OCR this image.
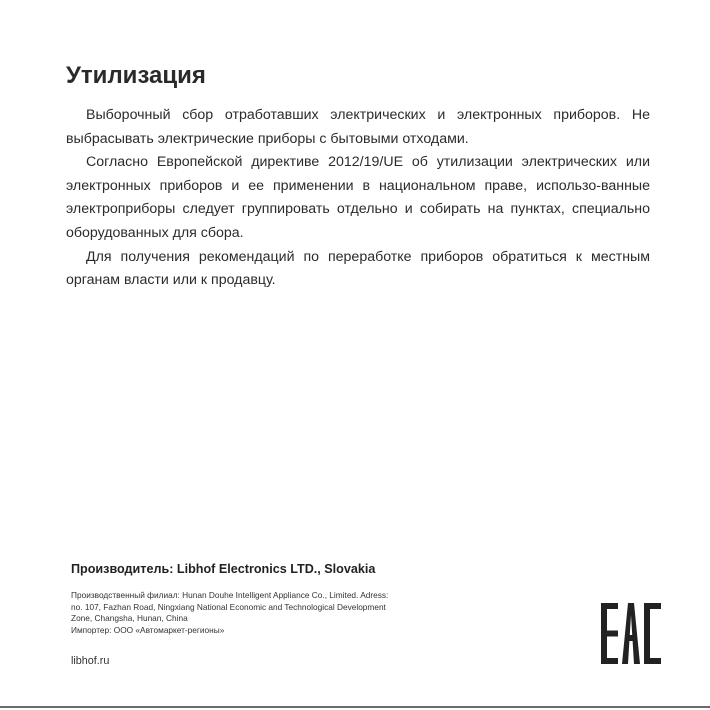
Утилизация

Выборочный сбор отработавших электрических и электронных приборов. Не выбрасывать электрические приборы с бытовыми отходами.

Согласно Европейской директиве 2012/19/UE об утилизации электрических или электронных приборов и ее применении в национальном праве, использо-ванные электроприборы следует группировать отдельно и собирать на пунктах, специально оборудованных для сбора.

Для получения рекомендаций по переработке приборов обратиться к местным органам власти или к продавцу.

Производитель: Libhof Electronics LTD., Slovakia
Производственный филиал: Hunan Douhe Intelligent Appliance Co., Limited. Adress:
no. 107, Fazhan Road, Ningxiang National Economic and Technological Development
Zone, Changsha, Hunan, China
Импортер: ООО «Автомаркет-регионы»
libhof.ru
